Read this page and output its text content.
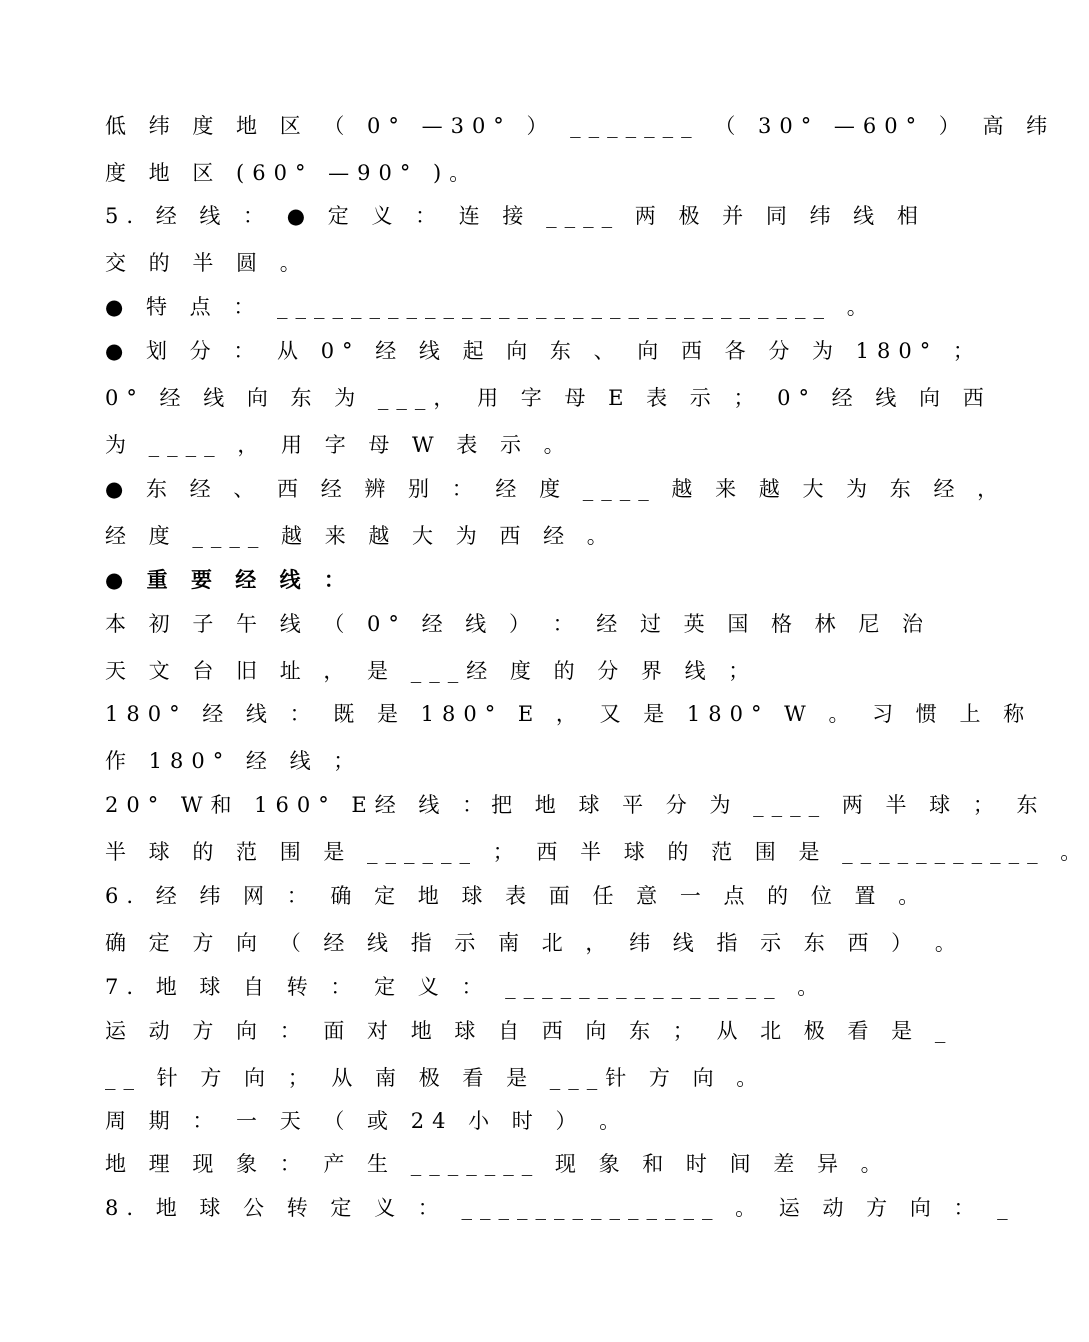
低 纬 度 地 区 （ 0° —30° ） _______ （ 30° —60° ） 高 纬
度 地 区 (60° —90° )。
5. 经 线 ： ● 定 义 ： 连 接 ____ 两 极 并 同 纬 线 相
交 的 半 圆 。
● 特 点 ： ______________________________ 。
● 划 分 ： 从 0° 经 线 起 向 东 、 向 西 各 分 为 180° ；
0° 经 线 向 东 为 ___， 用 字 母 E 表 示 ； 0° 经 线 向 西
为 ____ ， 用 字 母 W 表 示 。
● 东 经 、 西 经 辨 别 ： 经 度 ____ 越 来 越 大 为 东 经 ，
经 度 ____ 越 来 越 大 为 西 经 。
● 重 要 经 线 ：
本 初 子 午 线 （ 0° 经 线 ） ： 经 过 英 国 格 林 尼 治
天 文 台 旧 址 ， 是 ___经 度 的 分 界 线 ；
180° 经 线 ： 既 是 180° E ， 又 是 180° W 。 习 惯 上 称
作 180° 经 线 ；
20° W和 160° E经 线 ：把 地 球 平 分 为 ____ 两 半 球 ； 东
半 球 的 范 围 是 ______ ； 西 半 球 的 范 围 是 ___________ 。
6. 经 纬 网 ： 确 定 地 球 表 面 任 意 一 点 的 位 置 。
确 定 方 向 （ 经 线 指 示 南 北 ， 纬 线 指 示 东 西 ） 。
7. 地 球 自 转 ： 定 义 ： _______________ 。
运 动 方 向 ： 面 对 地 球 自 西 向 东 ； 从 北 极 看 是 _
__ 针 方 向 ； 从 南 极 看 是 ___针 方 向 。
周 期 ： 一 天 （ 或 24 小 时 ） 。
地 理 现 象 ： 产 生 _______ 现 象 和 时 间 差 异 。
8. 地 球 公 转 定 义 ： ______________ 。 运 动 方 向 ： _
